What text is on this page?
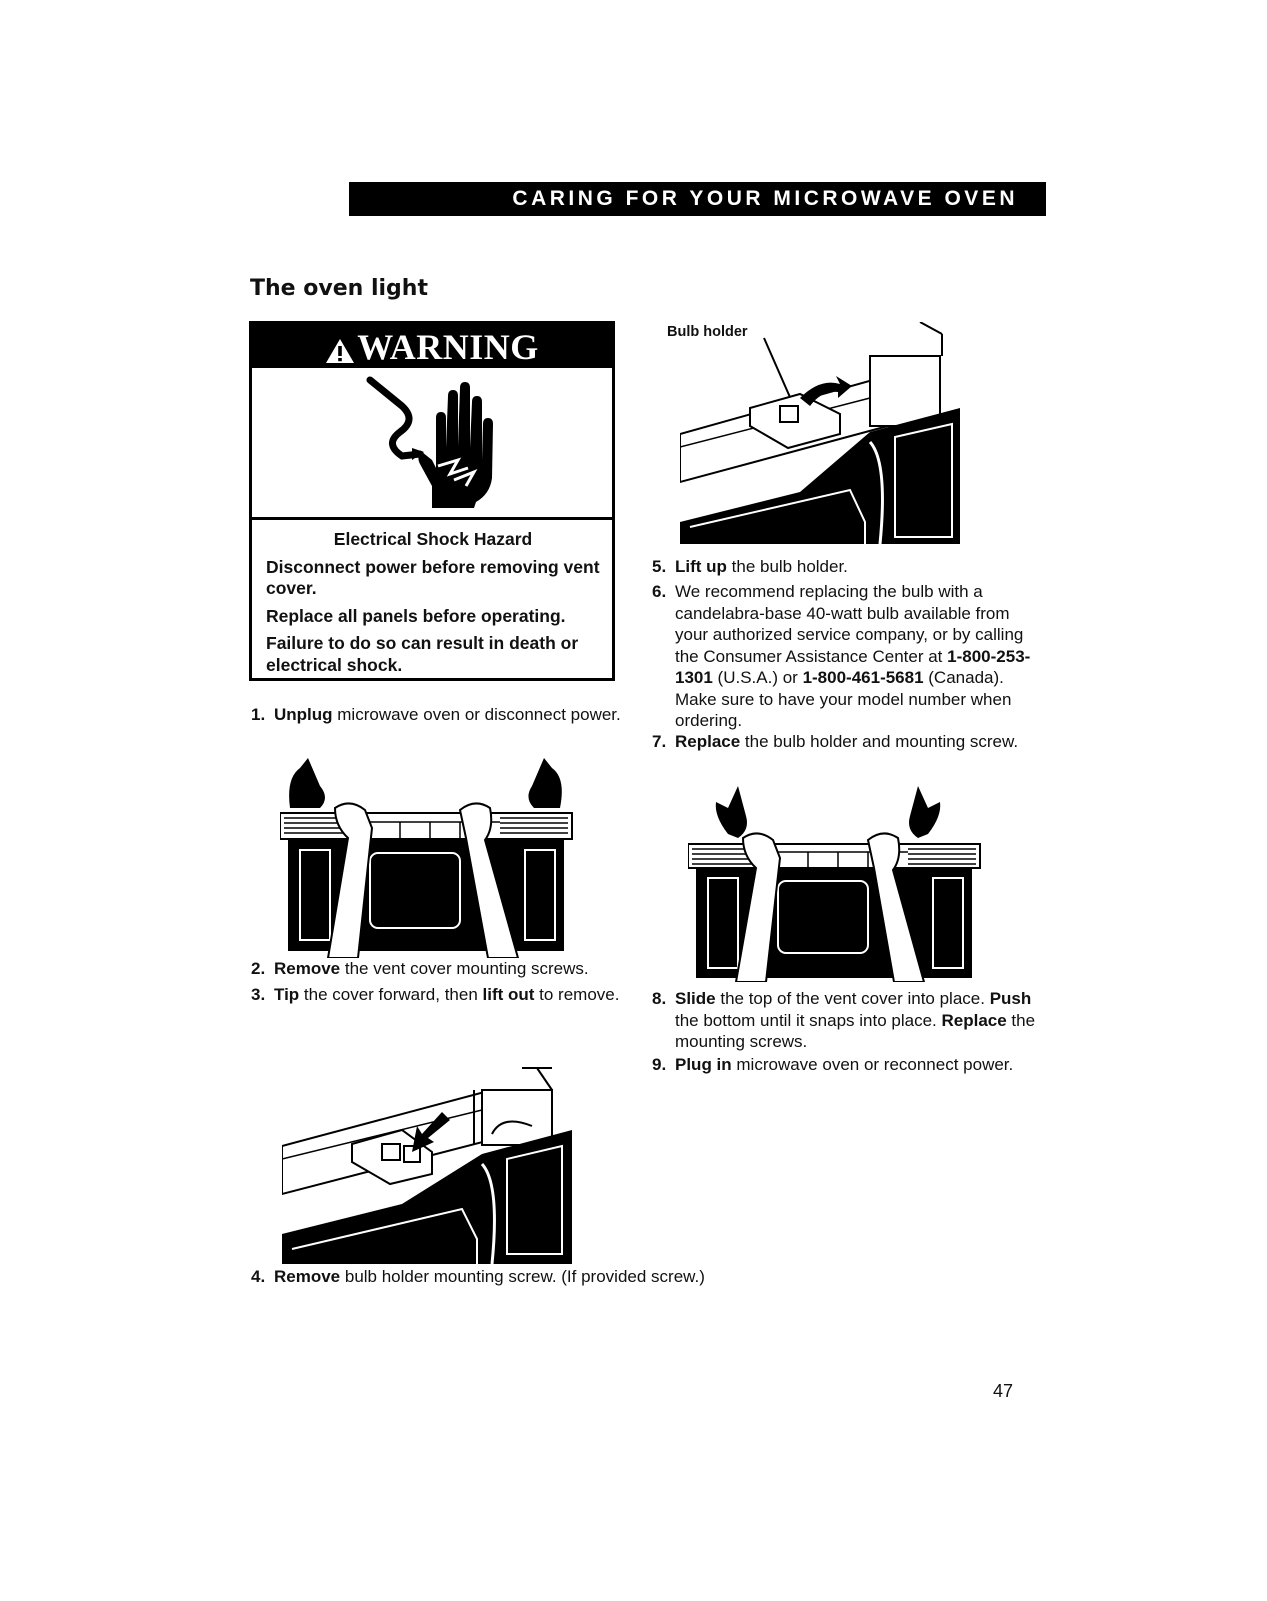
CARING FOR YOUR MICROWAVE OVEN
The oven light
WARNING
Electrical Shock Hazard

Disconnect power before removing vent cover.

Replace all panels before operating.

Failure to do so can result in death or electrical shock.

1. Unplug microwave oven or disconnect power.
2. Remove the vent cover mounting screws.
3. Tip the cover forward, then lift out to remove.
4. Remove bulb holder mounting screw. (If provided screw.)
Bulb holder
5. Lift up the bulb holder.
6. We recommend replacing the bulb with a candelabra-base 40-watt bulb available from your authorized service company, or by calling the Consumer Assistance Center at 1-800-253-1301 (U.S.A.) or 1-800-461-5681 (Canada). Make sure to have your model number when ordering.
7. Replace the bulb holder and mounting screw.
8. Slide the top of the vent cover into place. Push the bottom until it snaps into place. Replace the mounting screws.
9. Plug in microwave oven or reconnect power.
47
